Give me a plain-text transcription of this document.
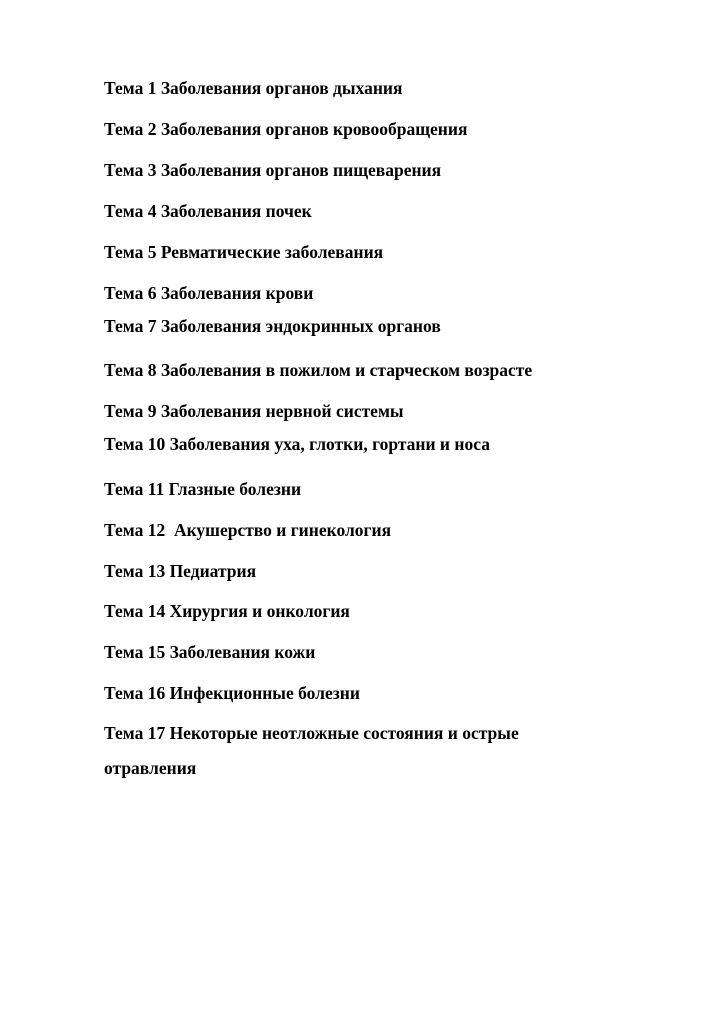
Тема 1 Заболевания органов дыхания
Тема 2 Заболевания органов кровообращения
Тема 3 Заболевания органов пищеварения
Тема 4 Заболевания почек
Тема 5 Ревматические заболевания
Тема 6 Заболевания крови
Тема 7 Заболевания эндокринных органов
Тема 8 Заболевания в пожилом и старческом возрасте
Тема 9 Заболевания нервной системы
Тема 10 Заболевания уха, глотки, гортани и носа
Тема 11 Глазные болезни
Тема 12  Акушерство и гинекология
Тема 13 Педиатрия
Тема 14 Хирургия и онкология
Тема 15 Заболевания кожи
Тема 16 Инфекционные болезни
Тема 17 Некоторые неотложные состояния и острые отравления
